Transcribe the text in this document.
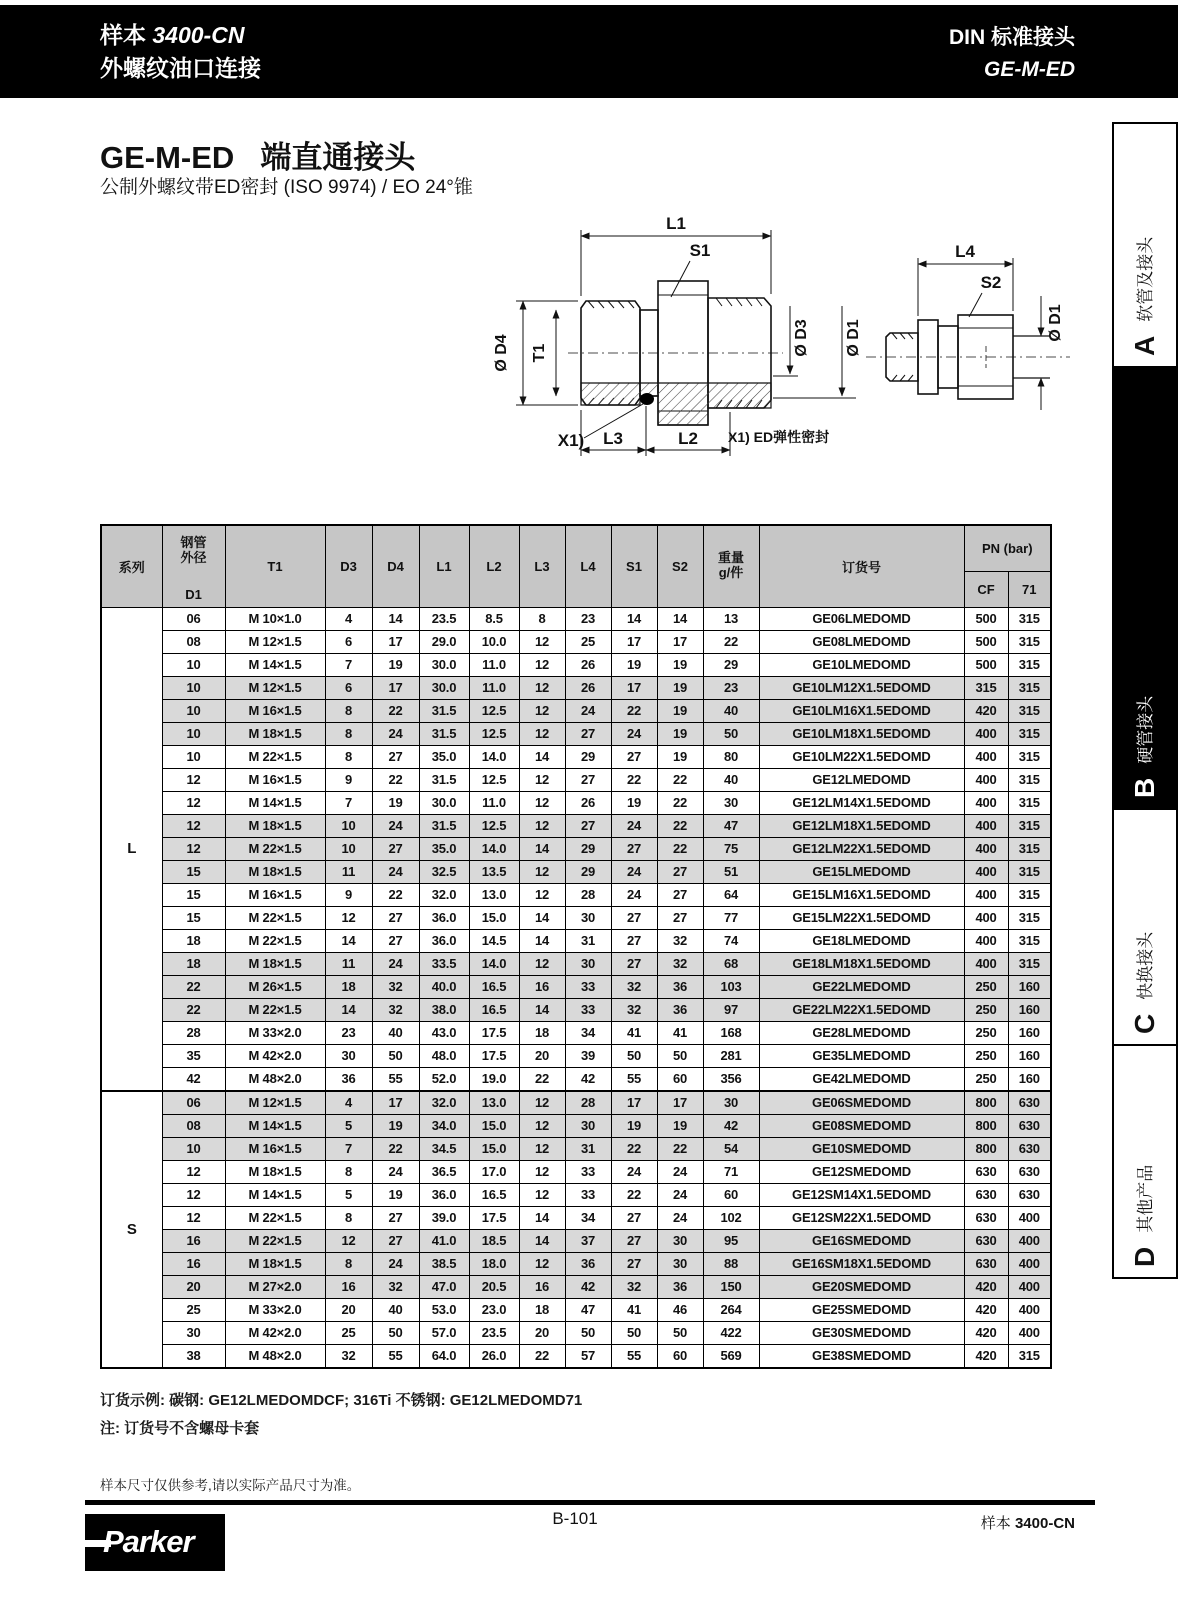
样本 3400-CN
外螺纹油口连接
DIN 标准接头
GE-M-ED
GE-M-ED 端直通接头
公制外螺纹带ED密封 (ISO 9974) / EO 24°锥
L1
S1
Ø D4 T1	Ø D3 Ø D1
X1) L3	L2 X1) ED弹性密封
L4
S2
Ø D1
系列	
钢管外径
D1
	T1	D3	D4	L1	L2	L3	L4	S1	S2	
重量
g/件	订货号	PN (bar)
													CF	71
L	06	M 10×1.0	4	14	23.5	8.5	8	23	14	14	13	GE06LMEDOMD	500	315
	08	M 12×1.5	6	17	29.0	10.0	12	25	17	17	22	GE08LMEDOMD	500	315
	10	M 14×1.5	7	19	30.0	11.0	12	26	19	19	29	GE10LMEDOMD	500	315
	10	M 12×1.5	6	17	30.0	11.0	12	26	17	19	23	GE10LM12X1.5EDOMD	315	315
	10	M 16×1.5	8	22	31.5	12.5	12	24	22	19	40	GE10LM16X1.5EDOMD	420	315
	10	M 18×1.5	8	24	31.5	12.5	12	27	24	19	50	GE10LM18X1.5EDOMD	400	315
	10	M 22×1.5	8	27	35.0	14.0	14	29	27	19	80	GE10LM22X1.5EDOMD	400	315
	12	M 16×1.5	9	22	31.5	12.5	12	27	22	22	40	GE12LMEDOMD	400	315
	12	M 14×1.5	7	19	30.0	11.0	12	26	19	22	30	GE12LM14X1.5EDOMD	400	315
	12	M 18×1.5	10	24	31.5	12.5	12	27	24	22	47	GE12LM18X1.5EDOMD	400	315
	12	M 22×1.5	10	27	35.0	14.0	14	29	27	22	75	GE12LM22X1.5EDOMD	400	315
	15	M 18×1.5	11	24	32.5	13.5	12	29	24	27	51	GE15LMEDOMD	400	315
	15	M 16×1.5	9	22	32.0	13.0	12	28	24	27	64	GE15LM16X1.5EDOMD	400	315
	15	M 22×1.5	12	27	36.0	15.0	14	30	27	27	77	GE15LM22X1.5EDOMD	400	315
	18	M 22×1.5	14	27	36.0	14.5	14	31	27	32	74	GE18LMEDOMD	400	315
	18	M 18×1.5	11	24	33.5	14.0	12	30	27	32	68	GE18LM18X1.5EDOMD	400	315
	22	M 26×1.5	18	32	40.0	16.5	16	33	32	36	103	GE22LMEDOMD	250	160
	22	M 22×1.5	14	32	38.0	16.5	14	33	32	36	97	GE22LM22X1.5EDOMD	250	160
	28	M 33×2.0	23	40	43.0	17.5	18	34	41	41	168	GE28LMEDOMD	250	160
	35	M 42×2.0	30	50	48.0	17.5	20	39	50	50	281	GE35LMEDOMD	250	160
	42	M 48×2.0	36	55	52.0	19.0	22	42	55	60	356	GE42LMEDOMD	250	160
S	06	M 12×1.5	4	17	32.0	13.0	12	28	17	17	30	GE06SMEDOMD	800	630
	08	M 14×1.5	5	19	34.0	15.0	12	30	19	19	42	GE08SMEDOMD	800	630
	10	M 16×1.5	7	22	34.5	15.0	12	31	22	22	54	GE10SMEDOMD	800	630
	12	M 18×1.5	8	24	36.5	17.0	12	33	24	24	71	GE12SMEDOMD	630	630
	12	M 14×1.5	5	19	36.0	16.5	12	33	22	24	60	GE12SM14X1.5EDOMD	630	630
	12	M 22×1.5	8	27	39.0	17.5	14	34	27	24	102	GE12SM22X1.5EDOMD	630	400
	16	M 22×1.5	12	27	41.0	18.5	14	37	27	30	95	GE16SMEDOMD	630	400
	16	M 18×1.5	8	24	38.5	18.0	12	36	27	30	88	GE16SM18X1.5EDOMD	630	400
	20	M 27×2.0	16	32	47.0	20.5	16	42	32	36	150	GE20SMEDOMD	420	400
	25	M 33×2.0	20	40	53.0	23.0	18	47	41	46	264	GE25SMEDOMD	420	400
	30	M 42×2.0	25	50	57.0	23.5	20	50	50	50	422	GE30SMEDOMD	420	400
	38	M 48×2.0	32	55	64.0	26.0	22	57	55	60	569	GE38SMEDOMD	420	315
订货示例: 碳钢: GE12LMEDOMDCF; 316Ti 不锈钢: GE12LMEDOMD71
注: 订货号不含螺母卡套
样本尺寸仅供参考,请以实际产品尺寸为准。
Parker
B-101	样本 3400-CN
A
软管及接头
B
硬管接头
C
快换接头
D
其他产品
